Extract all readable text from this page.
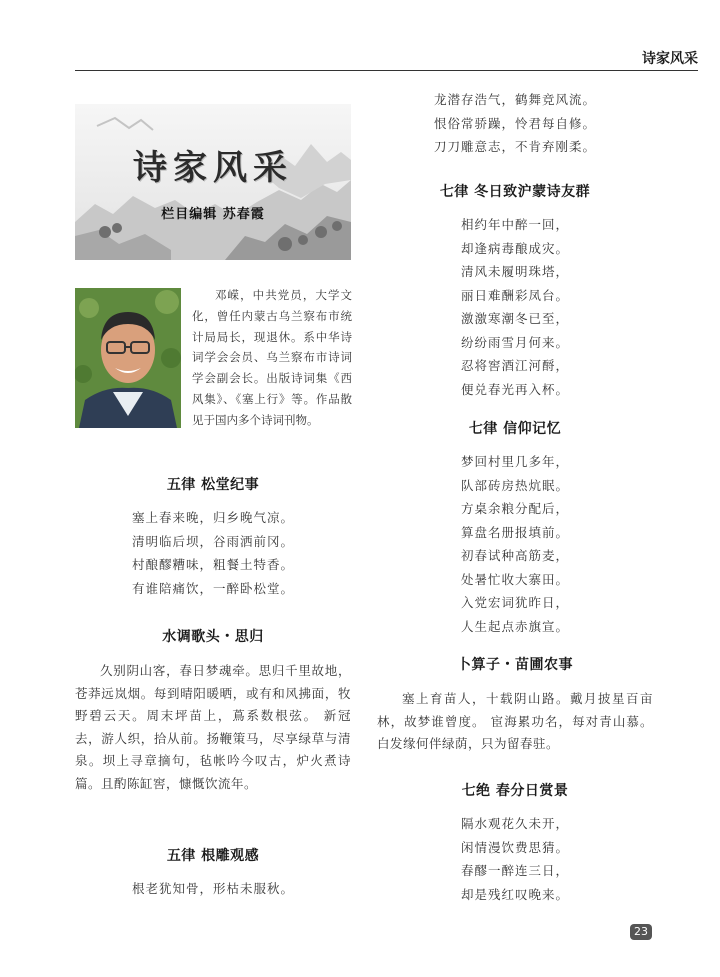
诗家风采
诗家风采
栏目编辑 苏春霞
邓嵘，中共党员，大学文化，曾任内蒙古乌兰察布市统计局局长，现退休。系中华诗词学会会员、乌兰察布市诗词学会副会长。出版诗词集《西风集》、《塞上行》等。作品散见于国内多个诗词刊物。
五律 松堂纪事
塞上春来晚，归乡晚气凉。
清明临后坝，谷雨洒前冈。
村酿醪糟味，粗餐土特香。
有谁陪痛饮，一醉卧松堂。
水调歌头・思归
久别阴山客，春日梦魂牵。思归千里故地，苍莽远岚烟。每到晴阳暖晒，或有和风拂面，牧野碧云天。周末坪苗上，蔦系数根弦。 新冠去，游人织，拾从前。扬鞭策马，尽享绿草与清泉。坝上寻章摘句，毡帐吟今叹古，炉火煮诗篇。且酌陈缸窖，慷慨饮流年。
五律 根雕观感
根老犹知骨，形枯未服秋。
龙潜存浩气，鹤舞竞风流。
恨俗常骄躁，怜君每自修。
刀刀雕意志，不肯弃刚柔。
七律 冬日致沪蒙诗友群
相约年中醉一回，
却逢病毒酿成灾。
清风未履明珠塔，
丽日难酬彩凤台。
激激寒潮冬已至，
纷纷雨雪月何来。
忍将窖酒江河酹，
便兑春光再入杯。
七律 信仰记忆
梦回村里几多年，
队部砖房热炕眠。
方桌余粮分配后，
算盘名册报填前。
初春试种高筋麦，
处暑忙收大寨田。
入党宏词犹昨日，
人生起点赤旗宣。
卜算子・苗圃农事
塞上育苗人，十载阴山路。戴月披星百亩林，故梦谁曾度。 宦海累功名，每对青山慕。白发缘何伴绿荫，只为留春驻。
七绝 春分日赏景
隔水观花久未开，
闲情漫饮费思猜。
春醪一醉连三日，
却是残红叹晚来。
23
